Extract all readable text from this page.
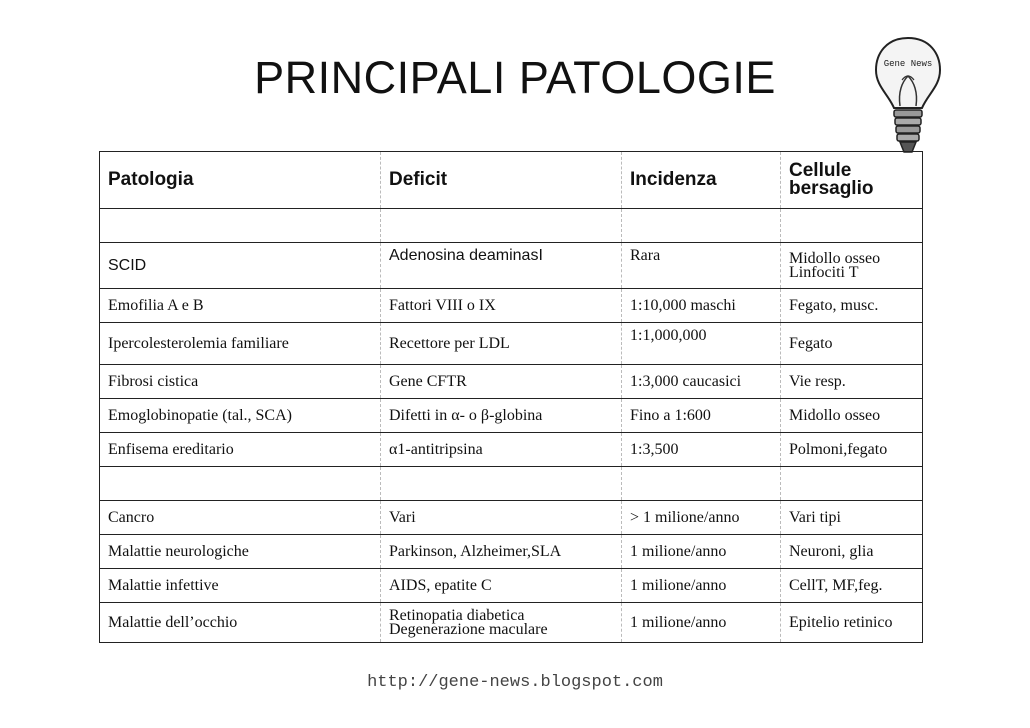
PRINCIPALI PATOLOGIE	Gene News
Patologia	Deficit	Incidenza	Cellule bersaglio

SCID	Adenosina deaminasI	Rara	Midollo osseo Linfociti T

Emofilia A e B	Fattori VIII o IX	1:10,000 maschi	Fegato, musc.
Ipercolesterolemia familiare	Recettore per LDL	1:1,000,000	Fegato
Fibrosi cistica	Gene CFTR	1:3,000 caucasici	Vie resp.
Emoglobinopatie (tal., SCA)	Difetti in α- o β-globina	Fino a 1:600	Midollo osseo
Enfisema ereditario	α1-antitripsina	1:3,500	Polmoni,fegato

Cancro	Vari	> 1 milione/anno	Vari tipi
Malattie neurologiche	Parkinson, Alzheimer,SLA	1 milione/anno	Neuroni, glia
Malattie infettive	AIDS, epatite C	1 milione/anno	CellT, MF,feg.
Malattie dell’occhio	Retinopatia diabetica Degenerazione maculare	1 milione/anno	Epitelio retinico
http://gene-news.blogspot.com
